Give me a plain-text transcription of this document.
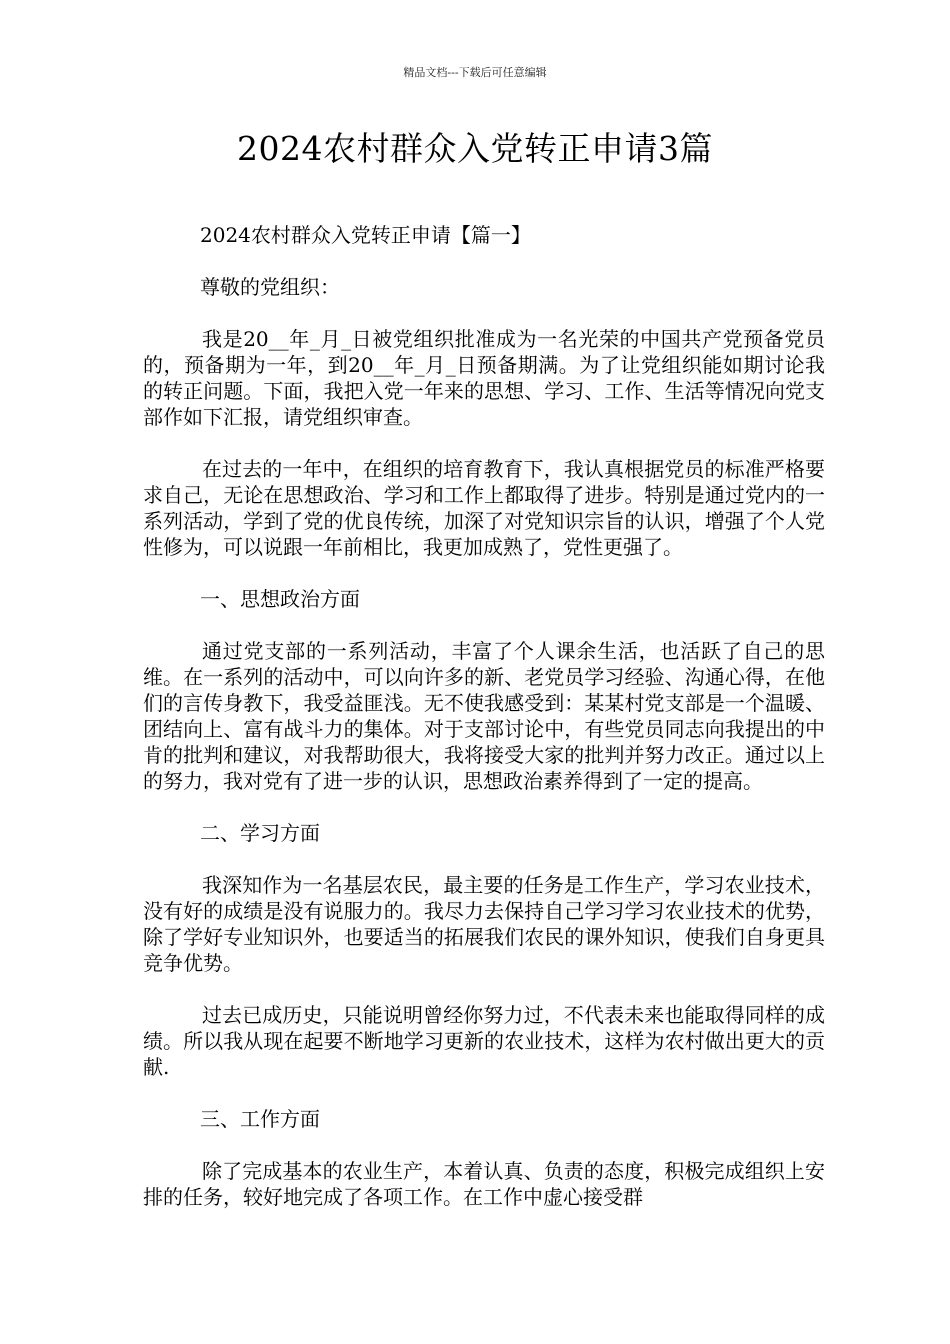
精品文档---下载后可任意编辑
2024农村群众入党转正申请3篇

2024农村群众入党转正申请【篇一】

尊敬的党组织：

我是20__年_月_日被党组织批准成为一名光荣的中国共产党预备党员的，预备期为一年，到20__年_月_日预备期满。为了让党组织能如期讨论我的转正问题。下面，我把入党一年来的思想、学习、工作、生活等情况向党支部作如下汇报，请党组织审查。

在过去的一年中，在组织的培育教育下，我认真根据党员的标准严格要求自己，无论在思想政治、学习和工作上都取得了进步。特别是通过党内的一系列活动，学到了党的优良传统，加深了对党知识宗旨的认识，增强了个人党性修为，可以说跟一年前相比，我更加成熟了，党性更强了。

一、思想政治方面

通过党支部的一系列活动，丰富了个人课余生活，也活跃了自己的思维。在一系列的活动中，可以向许多的新、老党员学习经验、沟通心得，在他们的言传身教下，我受益匪浅。无不使我感受到：某某村党支部是一个温暖、团结向上、富有战斗力的集体。对于支部讨论中，有些党员同志向我提出的中肯的批判和建议，对我帮助很大，我将接受大家的批判并努力改正。通过以上的努力，我对党有了进一步的认识，思想政治素养得到了一定的提高。

二、学习方面

我深知作为一名基层农民，最主要的任务是工作生产，学习农业技术，没有好的成绩是没有说服力的。我尽力去保持自己学习学习农业技术的优势，除了学好专业知识外，也要适当的拓展我们农民的课外知识，使我们自身更具竞争优势。

过去已成历史，只能说明曾经你努力过，不代表未来也能取得同样的成绩。所以我从现在起要不断地学习更新的农业技术，这样为农村做出更大的贡献.

三、工作方面

除了完成基本的农业生产，本着认真、负责的态度，积极完成组织上安排的任务，较好地完成了各项工作。在工作中虚心接受群
